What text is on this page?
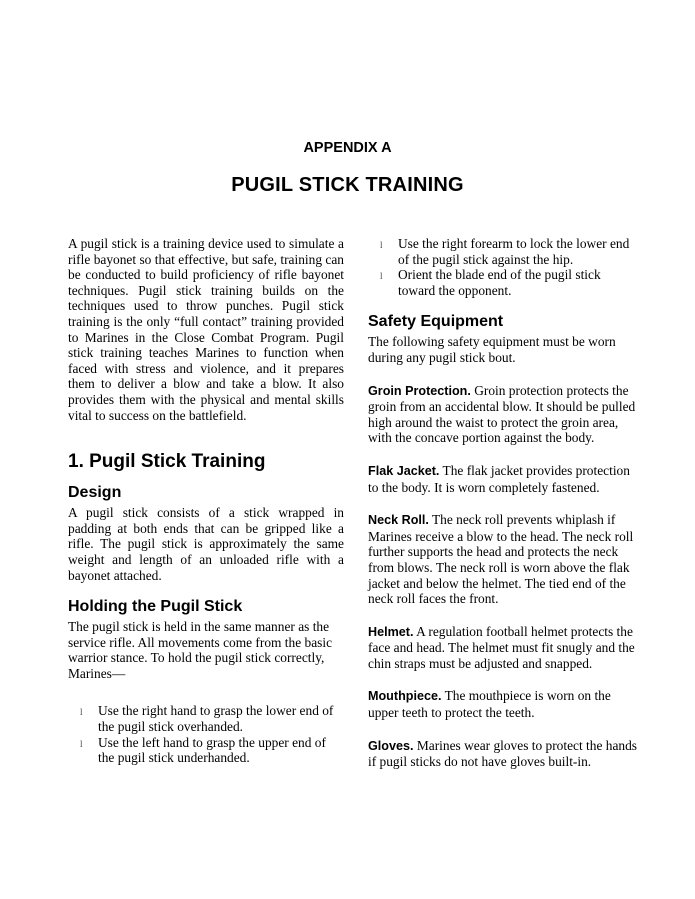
APPENDIX A
PUGIL STICK TRAINING

A pugil stick is a training device used to simulate a rifle bayonet so that effective, but safe, training can be conducted to build proficiency of rifle bayonet techniques. Pugil stick training builds on the techniques used to throw punches. Pugil stick training is the only “full contact” training provided to Marines in the Close Combat Program. Pugil stick training teaches Marines to function when faced with stress and violence, and it prepares them to deliver a blow and take a blow. It also provides them with the physical and mental skills vital to success on the battlefield.

1. Pugil Stick Training
Design

A pugil stick consists of a stick wrapped in padding at both ends that can be gripped like a rifle. The pugil stick is approximately the same weight and length of an unloaded rifle with a bayonet attached.

Holding the Pugil Stick

The pugil stick is held in the same manner as the service rifle. All movements come from the basic warrior stance. To hold the pugil stick correctly, Marines—

l Use the right hand to grasp the lower end of the pugil stick overhanded.
l Use the left hand to grasp the upper end of the pugil stick underhanded.
l Use the right forearm to lock the lower end of the pugil stick against the hip.
l Orient the blade end of the pugil stick toward the opponent.
Safety Equipment

The following safety equipment must be worn during any pugil stick bout.

Groin Protection. Groin protection protects the groin from an accidental blow. It should be pulled high around the waist to protect the groin area, with the concave portion against the body.

Flak Jacket. The flak jacket provides protection to the body. It is worn completely fastened.

Neck Roll. The neck roll prevents whiplash if Marines receive a blow to the head. The neck roll further supports the head and protects the neck from blows. The neck roll is worn above the flak jacket and below the helmet. The tied end of the neck roll faces the front.

Helmet. A regulation football helmet protects the face and head. The helmet must fit snugly and the chin straps must be adjusted and snapped.

Mouthpiece. The mouthpiece is worn on the upper teeth to protect the teeth.

Gloves. Marines wear gloves to protect the hands if pugil sticks do not have gloves built-in.
